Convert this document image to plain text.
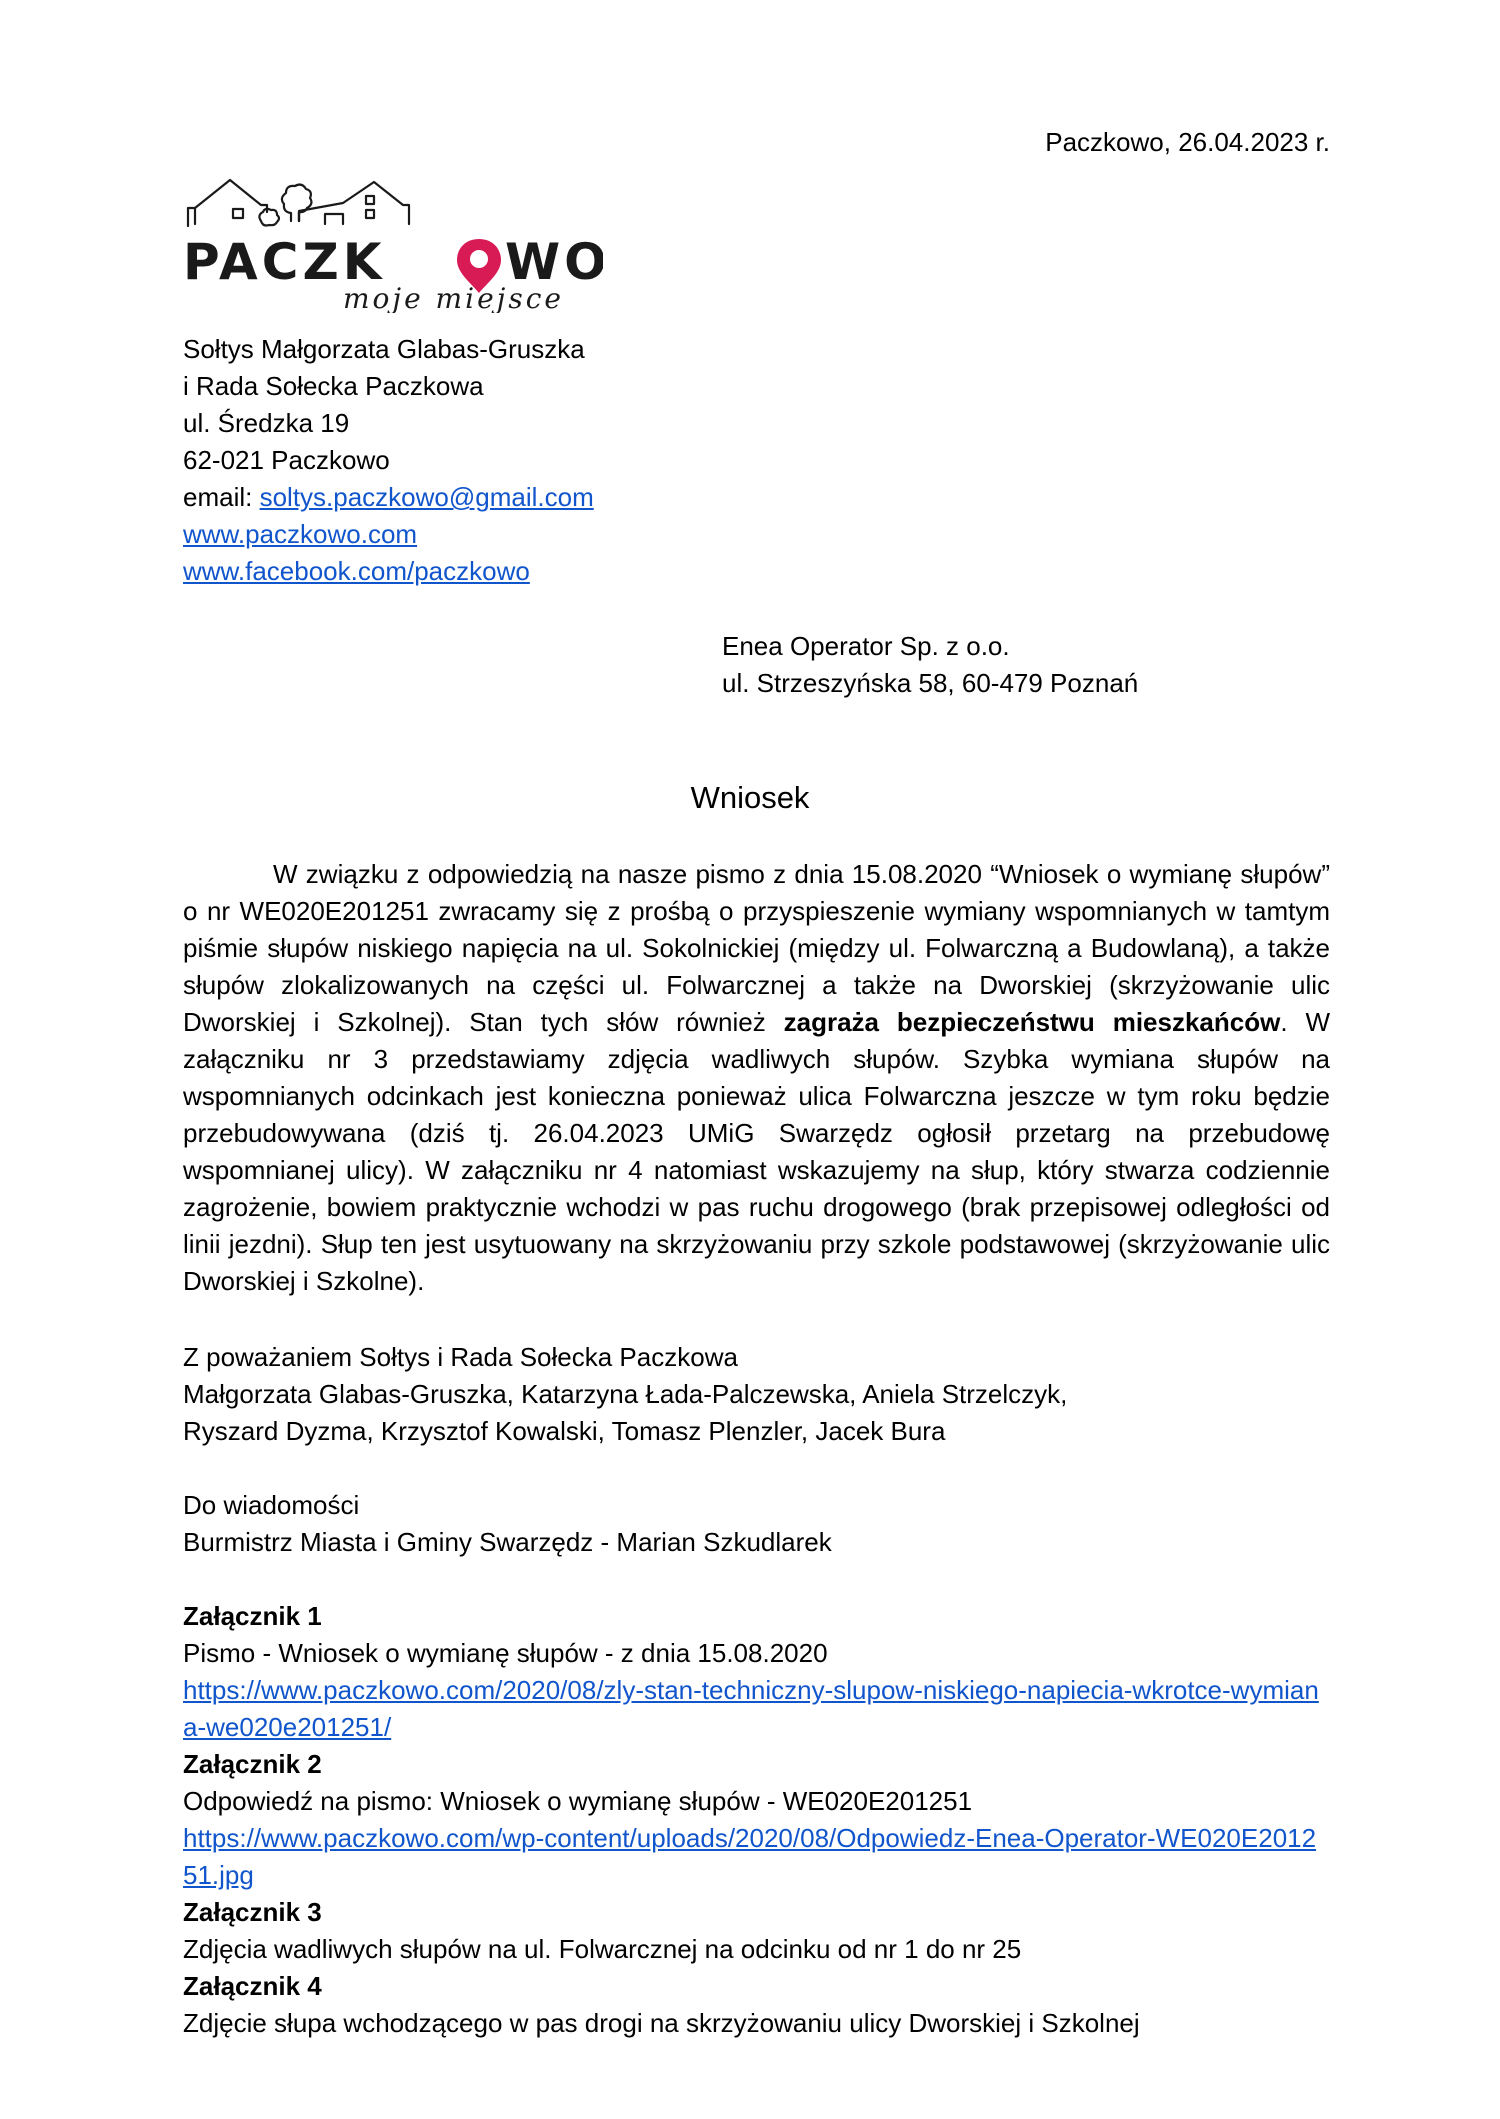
Paczkowo, 26.04.2023 r.
PACZK WO
moje miejsce
Sołtys Małgorzata Glabas-Gruszka
i Rada Sołecka Paczkowa
ul. Średzka 19
62-021 Paczkowo
email: soltys.paczkowo@gmail.com
www.paczkowo.com
www.facebook.com/paczkowo
Enea Operator Sp. z o.o.
ul. Strzeszyńska 58, 60-479 Poznań
Wniosek

W związku z odpowiedzią na nasze pismo z dnia 15.08.2020 “Wniosek o wymianę słupów” o nr WE020E201251 zwracamy się z prośbą o przyspieszenie wymiany wspomnianych w tamtym piśmie słupów niskiego napięcia na ul. Sokolnickiej (między ul. Folwarczną a Budowlaną), a także słupów zlokalizowanych na części ul. Folwarcznej a także na Dworskiej (skrzyżowanie ulic Dworskiej i Szkolnej). Stan tych słów również zagraża bezpieczeństwu mieszkańców. W załączniku nr 3 przedstawiamy zdjęcia wadliwych słupów. Szybka wymiana słupów na wspomnianych odcinkach jest konieczna ponieważ ulica Folwarczna jeszcze w tym roku będzie przebudowywana (dziś tj. 26.04.2023 UMiG Swarzędz ogłosił przetarg na przebudowę wspomnianej ulicy). W załączniku nr 4 natomiast wskazujemy na słup, który stwarza codziennie zagrożenie, bowiem praktycznie wchodzi w pas ruchu drogowego (brak przepisowej odległości od linii jezdni). Słup ten jest usytuowany na skrzyżowaniu przy szkole podstawowej (skrzyżowanie ulic Dworskiej i Szkolne).

Z poważaniem Sołtys i Rada Sołecka Paczkowa
Małgorzata Glabas-Gruszka, Katarzyna Łada-Palczewska, Aniela Strzelczyk,
Ryszard Dyzma, Krzysztof Kowalski, Tomasz Plenzler, Jacek Bura
Do wiadomości
Burmistrz Miasta i Gminy Swarzędz - Marian Szkudlarek
Załącznik 1
Pismo - Wniosek o wymianę słupów - z dnia 15.08.2020
https://www.paczkowo.com/2020/08/zly-stan-techniczny-slupow-niskiego-napiecia-wkrotce-wymiana-we020e201251/
Załącznik 2
Odpowiedź na pismo: Wniosek o wymianę słupów - WE020E201251
https://www.paczkowo.com/wp-content/uploads/2020/08/Odpowiedz-Enea-Operator-WE020E201251.jpg
Załącznik 3
Zdjęcia wadliwych słupów na ul. Folwarcznej na odcinku od nr 1 do nr 25
Załącznik 4
Zdjęcie słupa wchodzącego w pas drogi na skrzyżowaniu ulicy Dworskiej i Szkolnej
